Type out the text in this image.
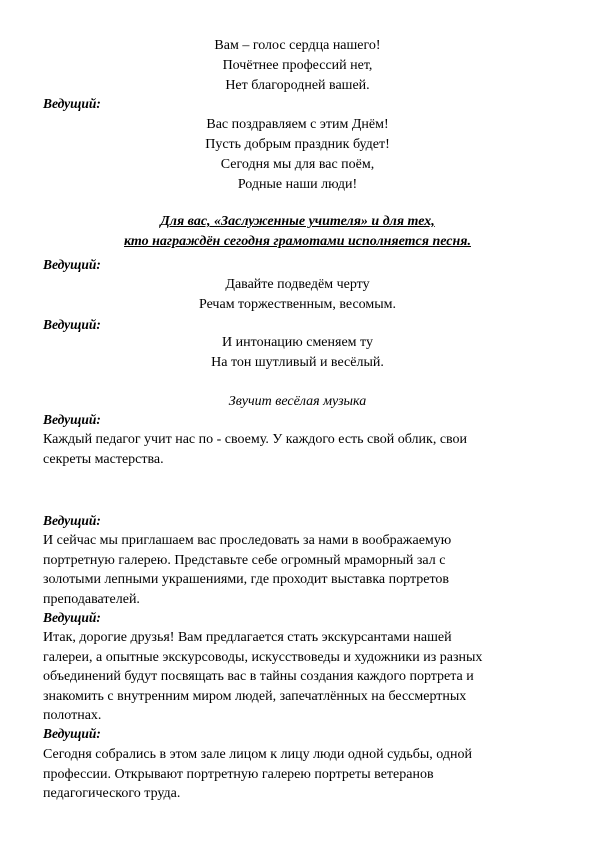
Вам – голос сердца нашего!
Почётнее профессий нет,
Нет благородней вашей.
Ведущий:
Вас поздравляем с этим Днём!
Пусть добрым праздник будет!
Сегодня мы для вас поём,
Родные наши люди!
Для вас, «Заслуженные учителя» и для тех,
кто награждён сегодня грамотами исполняется песня.
Ведущий:
Давайте подведём черту
Речам торжественным, весомым.
Ведущий:
И интонацию сменяем ту
На тон шутливый и весёлый.
Звучит весёлая музыка
Ведущий:
Каждый педагог учит нас по - своему. У каждого есть свой облик, свои
секреты мастерства.
Ведущий:
И сейчас мы приглашаем вас проследовать за нами в воображаемую
портретную галерею. Представьте себе огромный мраморный зал с
золотыми лепными украшениями, где проходит выставка портретов
преподавателей.
Ведущий:
Итак, дорогие друзья! Вам предлагается стать экскурсантами нашей
галереи, а опытные экскурсоводы, искусствоведы и художники из разных
объединений будут посвящать вас в тайны создания каждого портрета и
знакомить с внутренним миром людей, запечатлённых на бессмертных
полотнах.
Ведущий:
Сегодня собрались в этом зале лицом к лицу люди одной судьбы, одной
профессии. Открывают портретную галерею портреты ветеранов
педагогического труда.
